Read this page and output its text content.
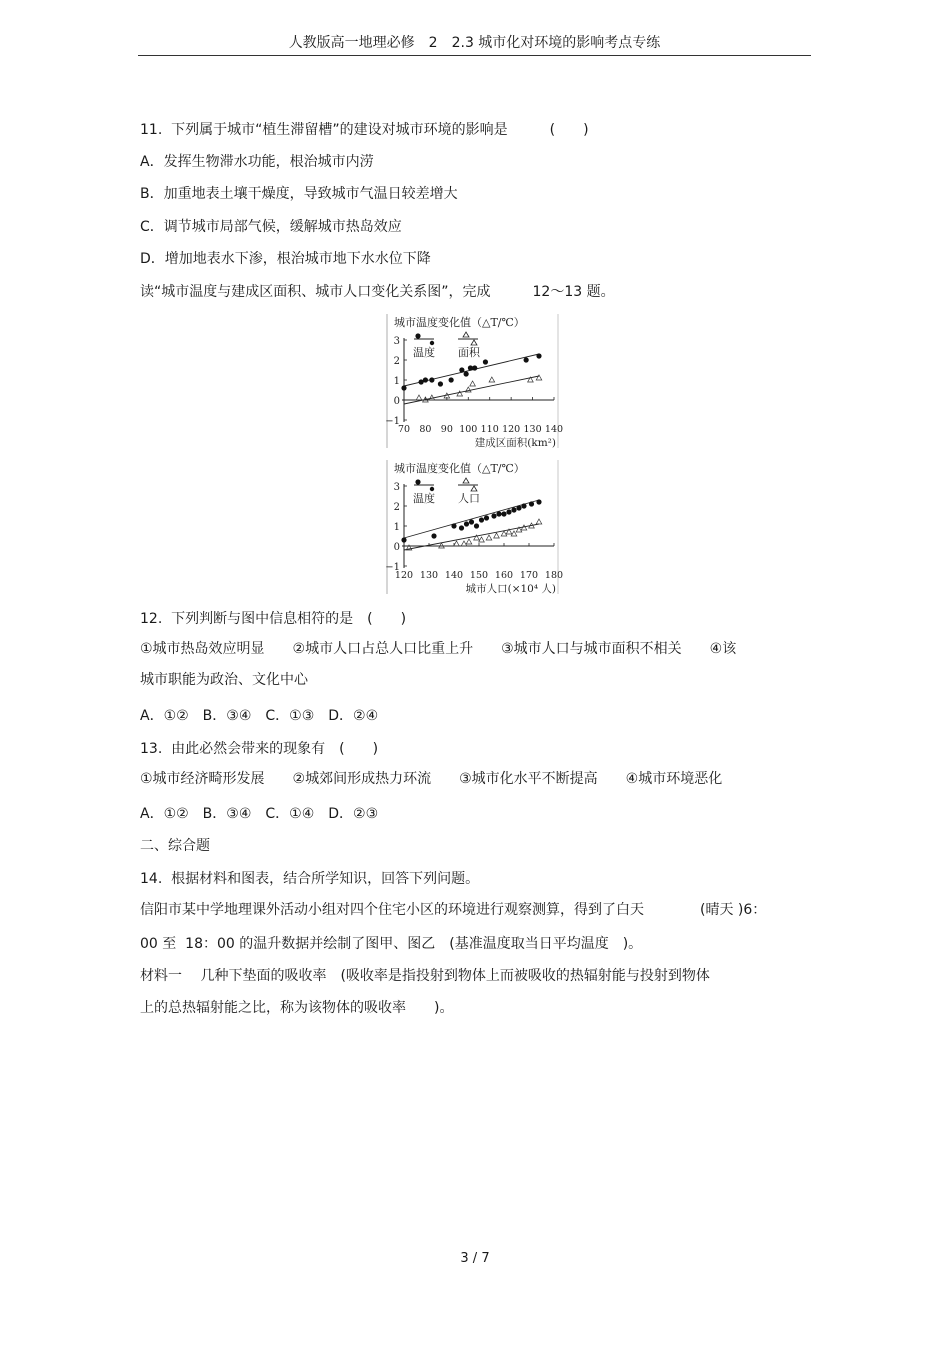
人教版高一地理必修　2　2.3 城市化对环境的影响考点专练
11.  下列属于城市“植生滞留槽”的建设对城市环境的影响是　　　(　　)
A．发挥生物滞水功能，根治城市内涝
B．加重地表土壤干燥度，导致城市气温日较差增大
C．调节城市局部气候，缓解城市热岛效应
D．增加地表水下渗，根治城市地下水水位下降
读“城市温度与建成区面积、城市人口变化关系图”，完成　　　12～13 题。
城市温度变化值（△T/℃）
−1
0
1
2
3
70 80 90 100 110 120 130 140
建成区面积(km²)
温度 面积
城市温度变化值（△T/℃）
−1
0
1
2
3
120 130 140 150 160 170 180
城市人口(×10⁴ 人)
温度 人口
12.  下列判断与图中信息相符的是　(　　)
①城市热岛效应明显　　②城市人口占总人口比重上升　　③城市人口与城市面积不相关　　④该
城市职能为政治、文化中心
A．①②　B．③④　C．①③　D．②④
13.  由此必然会带来的现象有　(　　)
①城市经济畸形发展　　②城郊间形成热力环流　　③城市化水平不断提高　　④城市环境恶化
A．①②　B．③④　C．①④　D．②③
二、综合题
14.  根据材料和图表，结合所学知识，回答下列问题。
信阳市某中学地理课外活动小组对四个住宅小区的环境进行观察测算，得到了白天　　　　(晴天 )6：
00 至  18：00 的温升数据并绘制了图甲、图乙　(基准温度取当日平均温度　)。
材料一　 几种下垫面的吸收率　(吸收率是指投射到物体上而被吸收的热辐射能与投射到物体
上的总热辐射能之比，称为该物体的吸收率　　)。
3 / 7
